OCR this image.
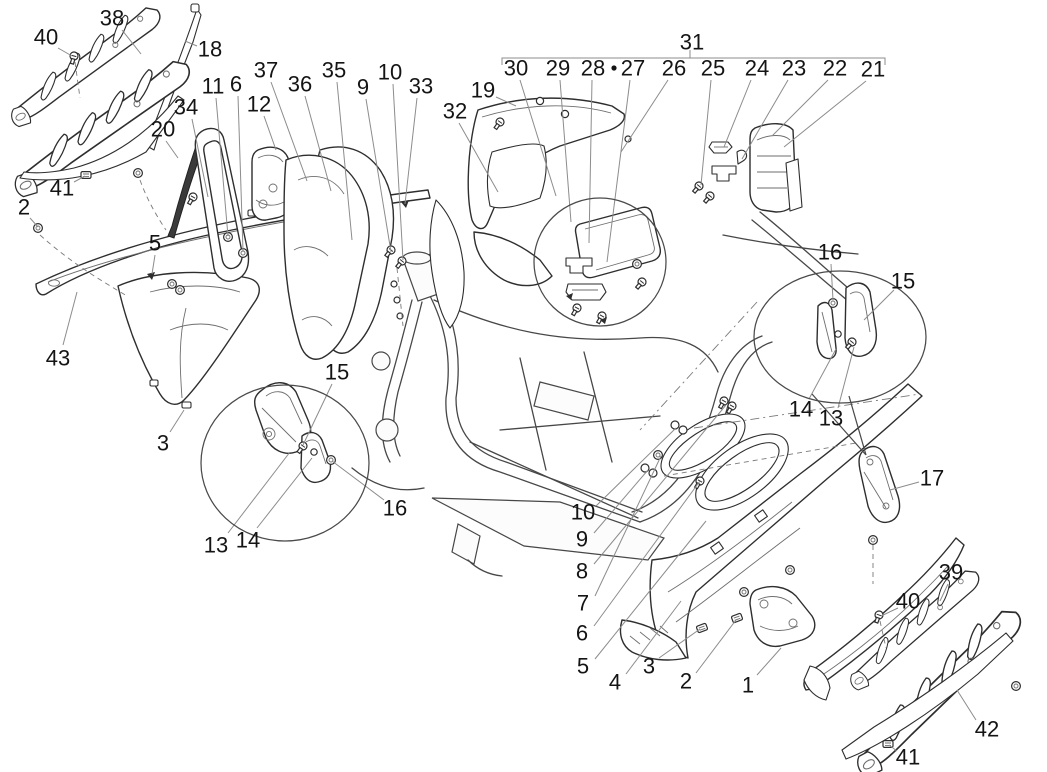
40
38
18
41
2
20
34
11 6
12
37
36
35
9
10
33
32
19
31
30 29 28 27 26 25 24 23 22 21
43
5
3
13 14
15
16
16
15
14 13
17
10
9
8
7
6
5
4
3
2 1
39
40
42
41
